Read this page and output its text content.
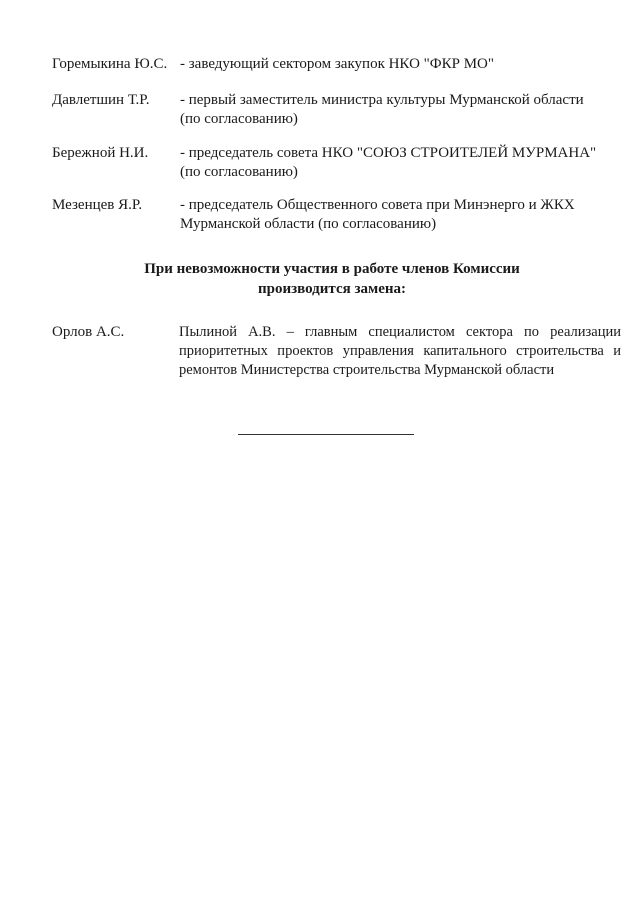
Горемыкина Ю.С. - заведующий сектором закупок НКО "ФКР МО"
Давлетшин Т.Р.	- первый заместитель министра культуры Мурманской области (по согласованию)
Бережной Н.И.	- председатель совета НКО "СОЮЗ СТРОИТЕЛЕЙ МУРМАНА" (по согласованию)
Мезенцев Я.Р.	- председатель Общественного совета при Минэнерго и ЖКХ Мурманской области (по согласованию)
При невозможности участия в работе членов Комиссии
производится замена:
Орлов А.С.	Пылиной А.В. – главным специалистом сектора по реализации приоритетных проектов управления капитального строительства и ремонтов Министерства строительства Мурманской области
